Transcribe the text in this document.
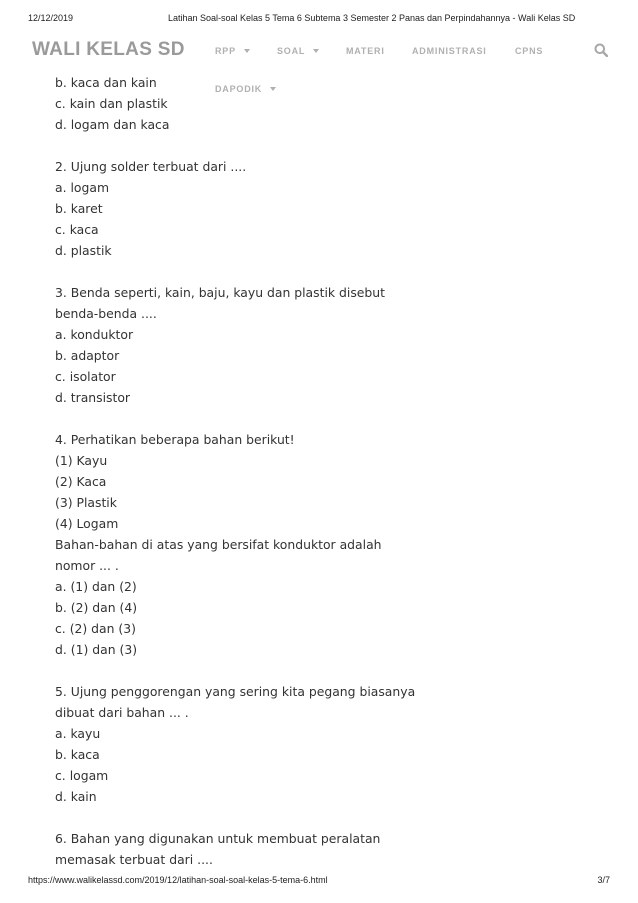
12/12/2019	Latihan Soal-soal Kelas 5 Tema 6 Subtema 3 Semester 2 Panas dan Perpindahannya - Wali Kelas SD
WALI KELAS SD	RPP	SOAL	MATERI	ADMINISTRASI	CPNS
DAPODIK
b. kaca dan kain
c. kain dan plastik
d. logam dan kaca
2. Ujung solder terbuat dari ....
a. logam
b. karet
c. kaca
d. plastik
3. Benda seperti, kain, baju, kayu dan plastik disebut
benda-benda ....
a. konduktor
b. adaptor
c. isolator
d. transistor
4. Perhatikan beberapa bahan berikut!
(1) Kayu
(2) Kaca
(3) Plastik
(4) Logam
Bahan-bahan di atas yang bersifat konduktor adalah
nomor ... .
a. (1) dan (2)
b. (2) dan (4)
c. (2) dan (3)
d. (1) dan (3)
5. Ujung penggorengan yang sering kita pegang biasanya
dibuat dari bahan ... .
a. kayu
b. kaca
c. logam
d. kain
6. Bahan yang digunakan untuk membuat peralatan
memasak terbuat dari ....
https://www.walikelassd.com/2019/12/latihan-soal-soal-kelas-5-tema-6.html	3/7
